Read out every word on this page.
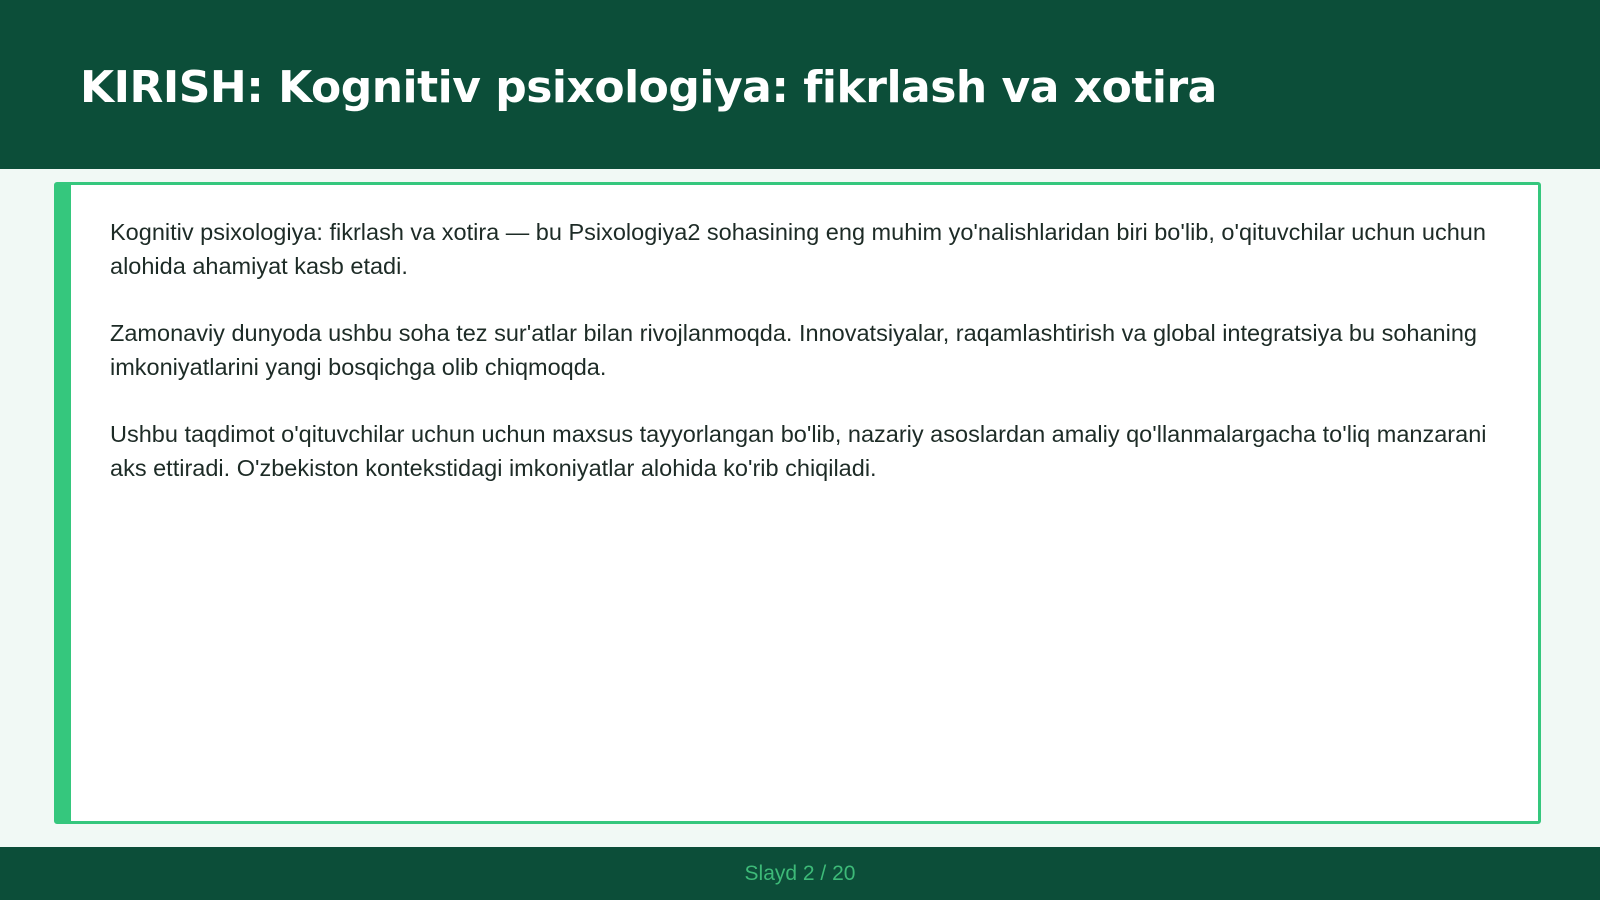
KIRISH: Kognitiv psixologiya: fikrlash va xotira

Kognitiv psixologiya: fikrlash va xotira — bu Psixologiya2 sohasining eng muhim yo'nalishlaridan biri bo'lib, o'qituvchilar uchun uchun alohida ahamiyat kasb etadi.

Zamonaviy dunyoda ushbu soha tez sur'atlar bilan rivojlanmoqda. Innovatsiyalar, raqamlashtirish va global integratsiya bu sohaning imkoniyatlarini yangi bosqichga olib chiqmoqda.

Ushbu taqdimot o'qituvchilar uchun uchun maxsus tayyorlangan bo'lib, nazariy asoslardan amaliy qo'llanmalargacha to'liq manzarani aks ettiradi. O'zbekiston kontekstidagi imkoniyatlar alohida ko'rib chiqiladi.

Slayd 2 / 20
